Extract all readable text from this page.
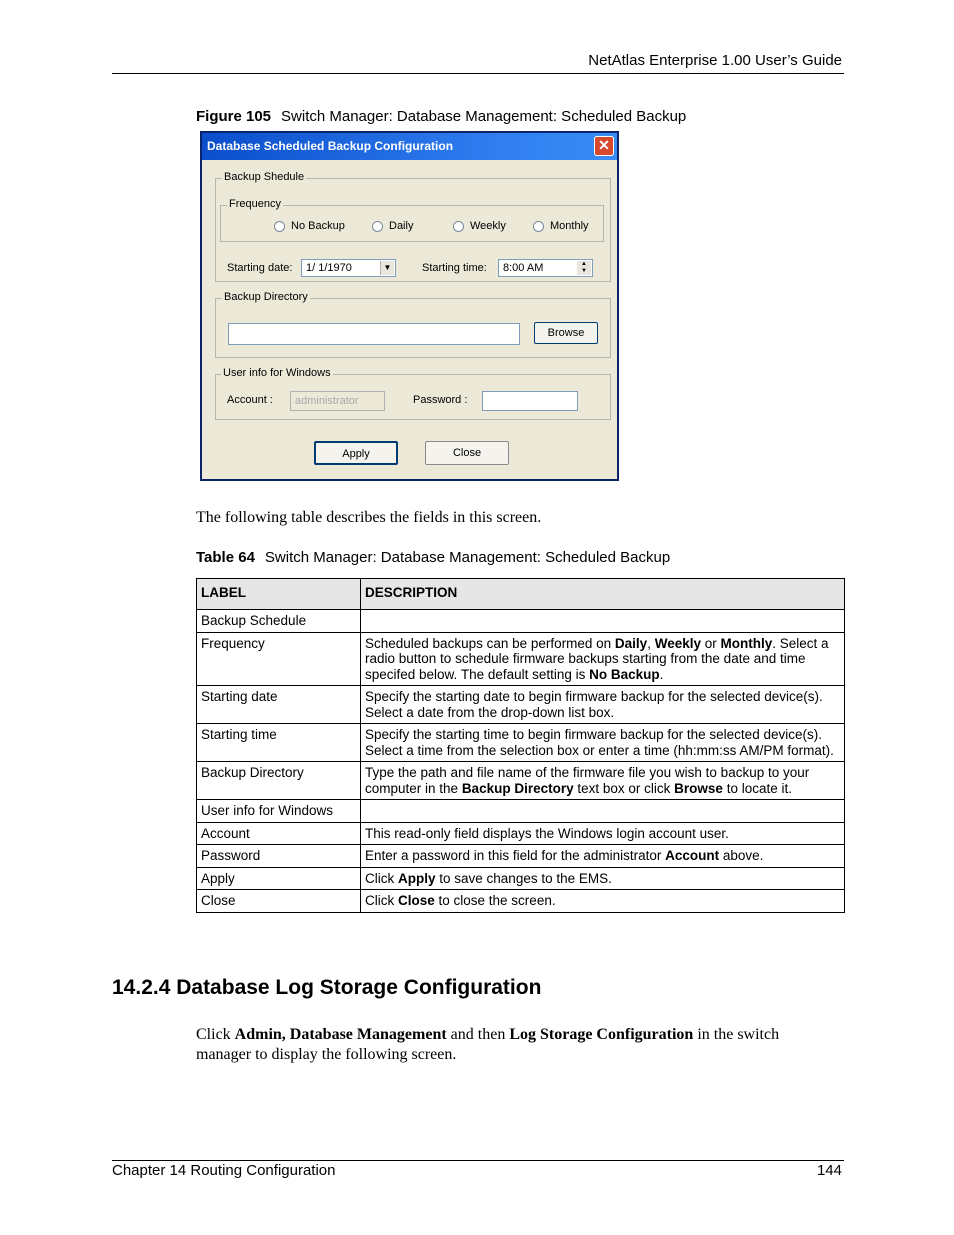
NetAtlas Enterprise 1.00 User’s Guide
Figure 105 Switch Manager: Database Management: Scheduled Backup
Database Scheduled Backup Configuration	✕
Backup Shedule
Frequency
No Backup	Daily	Weekly	Monthly
Starting date:	1/ 1/1970	▼	Starting time:	8:00 AM	▲
▼
Backup Directory
Browse
User info for Windows
Account :	administrator	Password :
Apply	Close
The following table describes the fields in this screen.
Table 64 Switch Manager: Database Management: Scheduled Backup
LABEL	DESCRIPTION
Backup Schedule	
Frequency	Scheduled backups can be performed on Daily, Weekly or Monthly. Select a radio button to schedule firmware backups starting from the date and time specifed below. The default setting is No Backup.
Starting date	Specify the starting date to begin firmware backup for the selected device(s). Select a date from the drop-down list box.
Starting time	Specify the starting time to begin firmware backup for the selected device(s). Select a time from the selection box or enter a time (hh:mm:ss AM/PM format).
Backup Directory	Type the path and file name of the firmware file you wish to backup to your computer in the Backup Directory text box or click Browse to locate it.
User info for Windows	
Account	This read-only field displays the Windows login account user.
Password	Enter a password in this field for the administrator Account above.
Apply	Click Apply to save changes to the EMS.
Close	Click Close to close the screen.
14.2.4 Database Log Storage Configuration
Click Admin, Database Management and then Log Storage Configuration in the switch manager to display the following screen.
Chapter 14 Routing Configuration	144
